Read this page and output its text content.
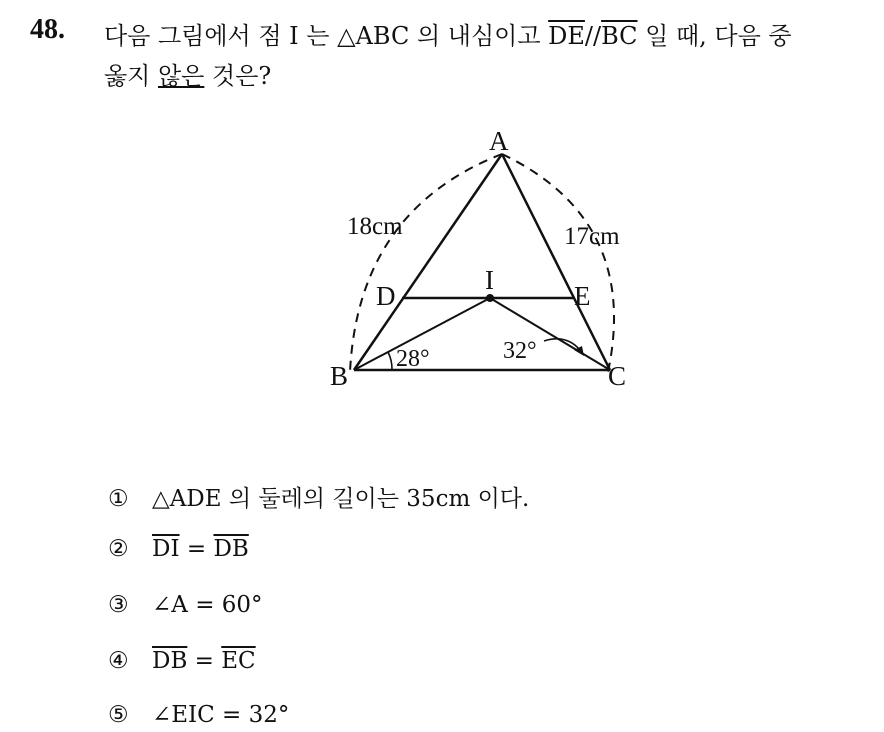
48. 다음 그림에서 점 I 는 △ABC 의 내심이고 $\overline{DE}//\overline{BC}$ 일 때, 다음 중
옳지 않은 것은?
A
B	C
D	E
I
18cm	17cm
28°	32°
① △ADE 의 둘레의 길이는 35cm 이다.
② $\overline{DI} = \overline{DB}$
③ ∠A = 60°
④ $\overline{DB} = \overline{EC}$
⑤ ∠EIC = 32°
